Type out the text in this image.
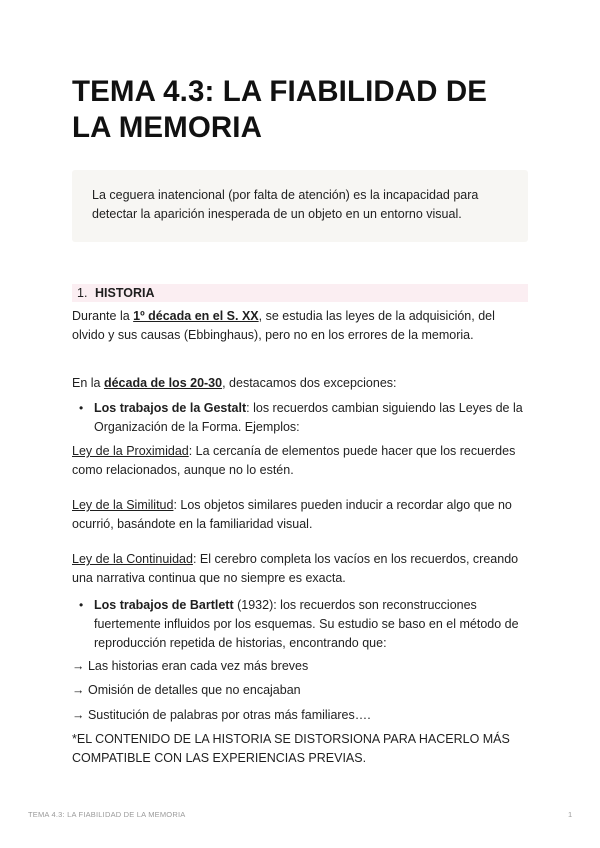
TEMA 4.3: LA FIABILIDAD DE LA MEMORIA
La ceguera inatencional (por falta de atención) es la incapacidad para detectar la aparición inesperada de un objeto en un entorno visual.
1. HISTORIA

Durante la 1º década en el S. XX, se estudia las leyes de la adquisición, del olvido y sus causas (Ebbinghaus), pero no en los errores de la memoria.

En la década de los 20-30, destacamos dos excepciones:

• Los trabajos de la Gestalt: los recuerdos cambian siguiendo las Leyes de la Organización de la Forma. Ejemplos:

Ley de la Proximidad: La cercanía de elementos puede hacer que los recuerdes como relacionados, aunque no lo estén.

Ley de la Similitud: Los objetos similares pueden inducir a recordar algo que no ocurrió, basándote en la familiaridad visual.

Ley de la Continuidad: El cerebro completa los vacíos en los recuerdos, creando una narrativa continua que no siempre es exacta.

• Los trabajos de Bartlett (1932): los recuerdos son reconstrucciones fuertemente influidos por los esquemas. Su estudio se baso en el método de reproducción repetida de historias, encontrando que:

→ Las historias eran cada vez más breves

→ Omisión de detalles que no encajaban

→ Sustitución de palabras por otras más familiares….

*EL CONTENIDO DE LA HISTORIA SE DISTORSIONA PARA HACERLO MÁS COMPATIBLE CON LAS EXPERIENCIAS PREVIAS.

TEMA 4.3: LA FIABILIDAD DE LA MEMORIA	1
